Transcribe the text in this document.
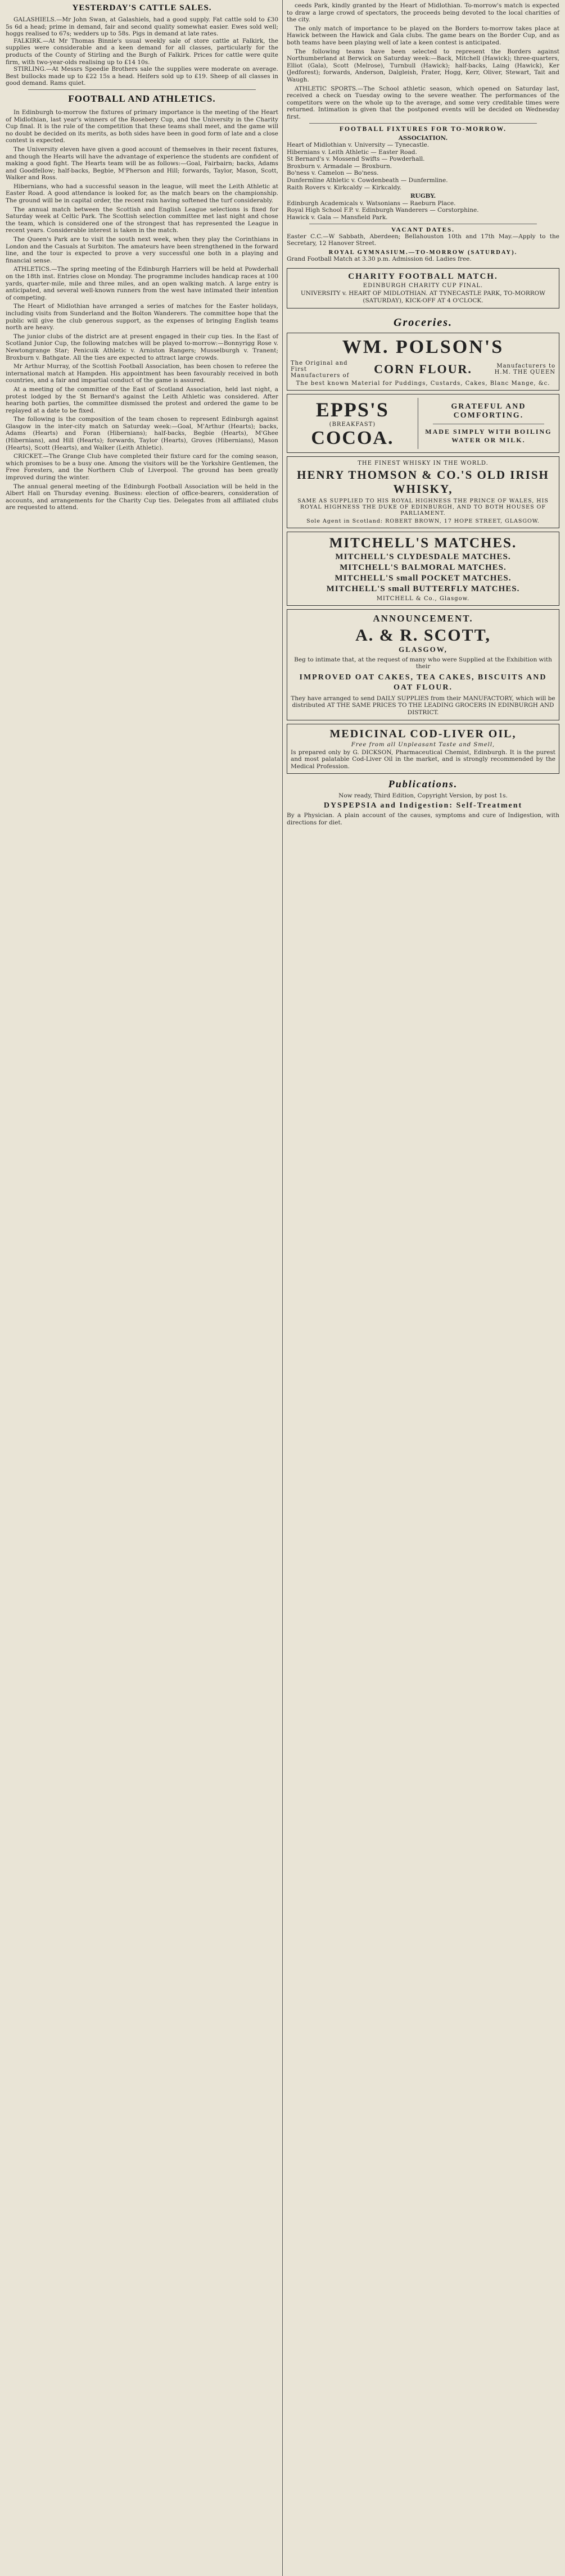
YESTERDAY'S CATTLE SALES.

GALASHIELS.—Mr John Swan, at Galashiels, had a good supply. Fat cattle sold to £30 5s 6d a head; prime in demand, fair and second quality somewhat easier. Ewes sold well; hoggs realised to 67s; wedders up to 58s. Pigs in demand at late rates.

FALKIRK.—At Mr Thomas Binnie's usual weekly sale of store cattle at Falkirk, the supplies were considerable and a keen demand for all classes, particularly for the products of the County of Stirling and the Burgh of Falkirk. Prices for cattle were quite firm, with two-year-olds realising up to £14 10s.

STIRLING.—At Messrs Speedie Brothers sale the supplies were moderate on average. Best bullocks made up to £22 15s a head. Heifers sold up to £19. Sheep of all classes in good demand. Rams quiet.

FOOTBALL AND ATHLETICS.

In Edinburgh to-morrow the fixtures of primary importance is the meeting of the Heart of Midlothian, last year's winners of the Rosebery Cup, and the University in the Charity Cup final. It is the rule of the competition that these teams shall meet, and the game will no doubt be decided on its merits, as both sides have been in good form of late and a close contest is expected.

The University eleven have given a good account of themselves in their recent fixtures, and though the Hearts will have the advantage of experience the students are confident of making a good fight. The Hearts team will be as follows:—Goal, Fairbairn; backs, Adams and Goodfellow; half-backs, Begbie, M'Pherson and Hill; forwards, Taylor, Mason, Scott, Walker and Ross.

Hibernians, who had a successful season in the league, will meet the Leith Athletic at Easter Road. A good attendance is looked for, as the match bears on the championship. The ground will be in capital order, the recent rain having softened the turf considerably.

The annual match between the Scottish and English League selections is fixed for Saturday week at Celtic Park. The Scottish selection committee met last night and chose the team, which is considered one of the strongest that has represented the League in recent years. Considerable interest is taken in the match.

The Queen's Park are to visit the south next week, when they play the Corinthians in London and the Casuals at Surbiton. The amateurs have been strengthened in the forward line, and the tour is expected to prove a very successful one both in a playing and financial sense.

ATHLETICS.—The spring meeting of the Edinburgh Harriers will be held at Powderhall on the 18th inst. Entries close on Monday. The programme includes handicap races at 100 yards, quarter-mile, mile and three miles, and an open walking match. A large entry is anticipated, and several well-known runners from the west have intimated their intention of competing.

The Heart of Midlothian have arranged a series of matches for the Easter holidays, including visits from Sunderland and the Bolton Wanderers. The committee hope that the public will give the club generous support, as the expenses of bringing English teams north are heavy.

The junior clubs of the district are at present engaged in their cup ties. In the East of Scotland Junior Cup, the following matches will be played to-morrow:—Bonnyrigg Rose v. Newtongrange Star; Penicuik Athletic v. Arniston Rangers; Musselburgh v. Tranent; Broxburn v. Bathgate. All the ties are expected to attract large crowds.

Mr Arthur Murray, of the Scottish Football Association, has been chosen to referee the international match at Hampden. His appointment has been favourably received in both countries, and a fair and impartial conduct of the game is assured.

At a meeting of the committee of the East of Scotland Association, held last night, a protest lodged by the St Bernard's against the Leith Athletic was considered. After hearing both parties, the committee dismissed the protest and ordered the game to be replayed at a date to be fixed.

The following is the composition of the team chosen to represent Edinburgh against Glasgow in the inter-city match on Saturday week:—Goal, M'Arthur (Hearts); backs, Adams (Hearts) and Foran (Hibernians); half-backs, Begbie (Hearts), M'Ghee (Hibernians), and Hill (Hearts); forwards, Taylor (Hearts), Groves (Hibernians), Mason (Hearts), Scott (Hearts), and Walker (Leith Athletic).

CRICKET.—The Grange Club have completed their fixture card for the coming season, which promises to be a busy one. Among the visitors will be the Yorkshire Gentlemen, the Free Foresters, and the Northern Club of Liverpool. The ground has been greatly improved during the winter.

The annual general meeting of the Edinburgh Football Association will be held in the Albert Hall on Thursday evening. Business: election of office-bearers, consideration of accounts, and arrangements for the Charity Cup ties. Delegates from all affiliated clubs are requested to attend.

ceeds Park, kindly granted by the Heart of Midlothian. To-morrow's match is expected to draw a large crowd of spectators, the proceeds being devoted to the local charities of the city.

The only match of importance to be played on the Borders to-morrow takes place at Hawick between the Hawick and Gala clubs. The game bears on the Border Cup, and as both teams have been playing well of late a keen contest is anticipated.

The following teams have been selected to represent the Borders against Northumberland at Berwick on Saturday week:—Back, Mitchell (Hawick); three-quarters, Elliot (Gala), Scott (Melrose), Turnbull (Hawick); half-backs, Laing (Hawick), Ker (Jedforest); forwards, Anderson, Dalgleish, Frater, Hogg, Kerr, Oliver, Stewart, Tait and Waugh.

ATHLETIC SPORTS.—The School athletic season, which opened on Saturday last, received a check on Tuesday owing to the severe weather. The performances of the competitors were on the whole up to the average, and some very creditable times were returned. Intimation is given that the postponed events will be decided on Wednesday first.

FOOTBALL FIXTURES FOR TO-MORROW.
ASSOCIATION.
Heart of Midlothian v. University — Tynecastle.
Hibernians v. Leith Athletic — Easter Road.
St Bernard's v. Mossend Swifts — Powderhall.
Broxburn v. Armadale — Broxburn.
Bo'ness v. Camelon — Bo'ness.
Dunfermline Athletic v. Cowdenbeath — Dunfermline.
Raith Rovers v. Kirkcaldy — Kirkcaldy.
RUGBY.
Edinburgh Academicals v. Watsonians — Raeburn Place.
Royal High School F.P. v. Edinburgh Wanderers — Corstorphine.
Hawick v. Gala — Mansfield Park.
VACANT DATES.
Easter C.C.—W Sabbath, Aberdeen; Bellahouston 10th and 17th May.—Apply to the Secretary, 12 Hanover Street.
ROYAL GYMNASIUM.—TO-MORROW (SATURDAY).
Grand Football Match at 3.30 p.m. Admission 6d. Ladies free.
CHARITY FOOTBALL MATCH.
EDINBURGH CHARITY CUP FINAL.
UNIVERSITY v. HEART OF MIDLOTHIAN. AT TYNECASTLE PARK, TO-MORROW (SATURDAY), KICK-OFF AT 4 O'CLOCK.
Groceries.
WM. POLSON'S
The Original and First Manufacturers of CORN FLOUR.	Manufacturers to H.M. THE QUEEN
The best known Material for Puddings, Custards, Cakes, Blanc Mange, &c.
EPPS'S
(BREAKFAST)
COCOA.
GRATEFUL AND COMFORTING.
MADE SIMPLY WITH BOILING WATER OR MILK.
THE FINEST WHISKY IN THE WORLD.
HENRY THOMSON & CO.'S OLD IRISH WHISKY,
SAME AS SUPPLIED TO HIS ROYAL HIGHNESS THE PRINCE OF WALES, HIS ROYAL HIGHNESS THE DUKE OF EDINBURGH, AND TO BOTH HOUSES OF PARLIAMENT.
Sole Agent in Scotland: ROBERT BROWN, 17 HOPE STREET, GLASGOW.
MITCHELL'S MATCHES.
MITCHELL'S CLYDESDALE MATCHES.
MITCHELL'S BALMORAL MATCHES.
MITCHELL'S small POCKET MATCHES.
MITCHELL'S small BUTTERFLY MATCHES.
MITCHELL & Co., Glasgow.
ANNOUNCEMENT.
A. & R. SCOTT,
GLASGOW,
Beg to intimate that, at the request of many who were Supplied at the Exhibition with their
IMPROVED OAT CAKES, TEA CAKES, BISCUITS AND OAT FLOUR.
They have arranged to send DAILY SUPPLIES from their MANUFACTORY, which will be distributed AT THE SAME PRICES TO THE LEADING GROCERS IN EDINBURGH AND DISTRICT.
MEDICINAL COD-LIVER OIL,
Free from all Unpleasant Taste and Smell,
Is prepared only by G. DICKSON, Pharmaceutical Chemist, Edinburgh. It is the purest and most palatable Cod-Liver Oil in the market, and is strongly recommended by the Medical Profession.
Publications.
Now ready, Third Edition, Copyright Version, by post 1s.
DYSPEPSIA and Indigestion: Self-Treatment
By a Physician. A plain account of the causes, symptoms and cure of Indigestion, with directions for diet.
